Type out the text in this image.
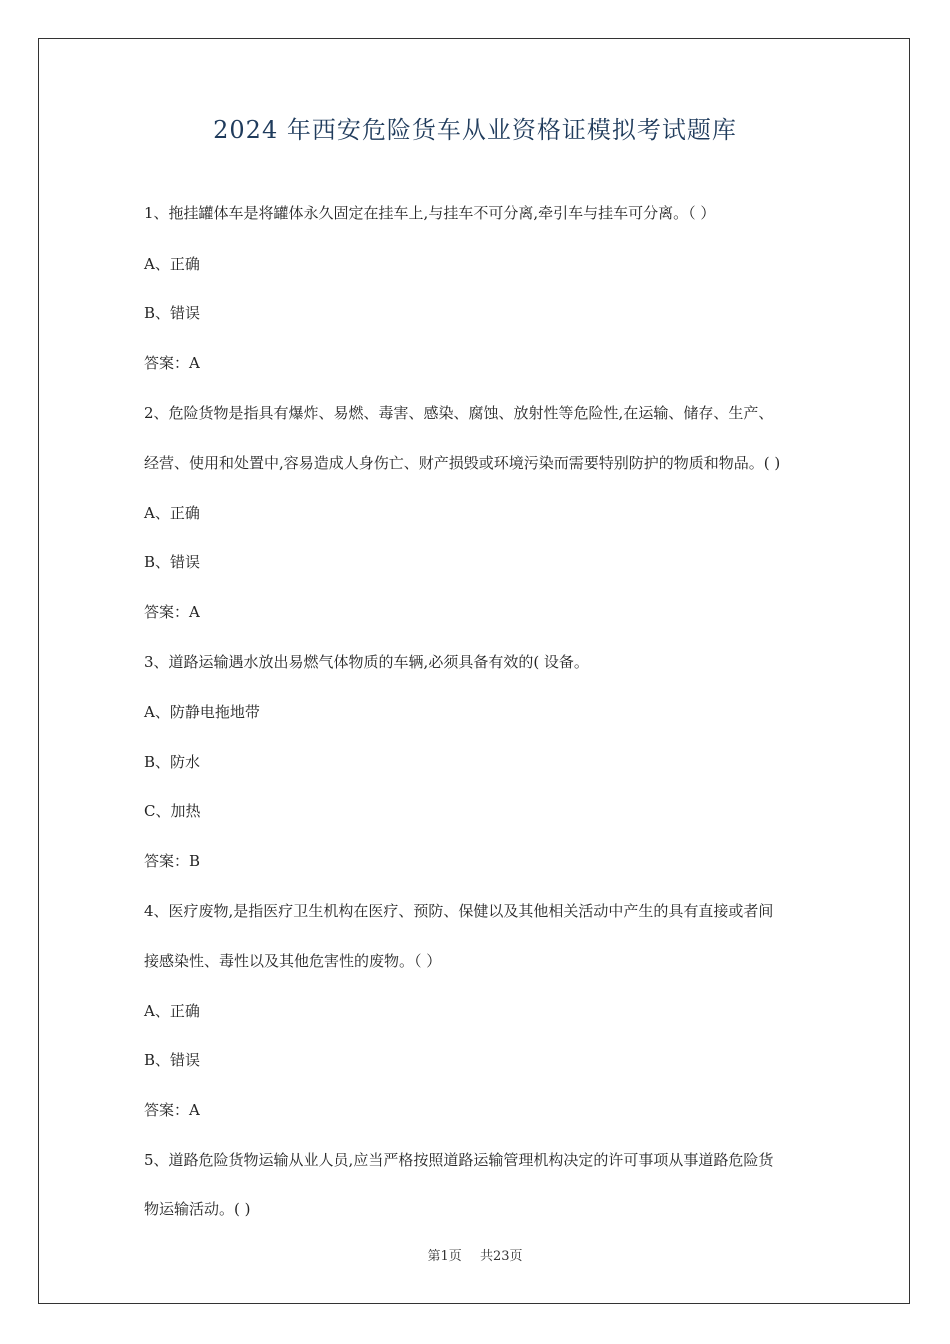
2024 年西安危险货车从业资格证模拟考试题库
1、拖挂罐体车是将罐体永久固定在挂车上,与挂车不可分离,牵引车与挂车可分离。（ ）
A、正确
B、错误
答案：A
2、危险货物是指具有爆炸、易燃、毒害、感染、腐蚀、放射性等危险性,在运输、储存、生产、
经营、使用和处置中,容易造成人身伤亡、财产损毁或环境污染而需要特别防护的物质和物品。( )
A、正确
B、错误
答案：A
3、道路运输遇水放出易燃气体物质的车辆,必须具备有效的( 设备。
A、防静电拖地带
B、防水
C、加热
答案：B
4、医疗废物,是指医疗卫生机构在医疗、预防、保健以及其他相关活动中产生的具有直接或者间
接感染性、毒性以及其他危害性的废物。（ ）
A、正确
B、错误
答案：A
5、道路危险货物运输从业人员,应当严格按照道路运输管理机构决定的许可事项从事道路危险货
物运输活动。( )
第1页 共23页
